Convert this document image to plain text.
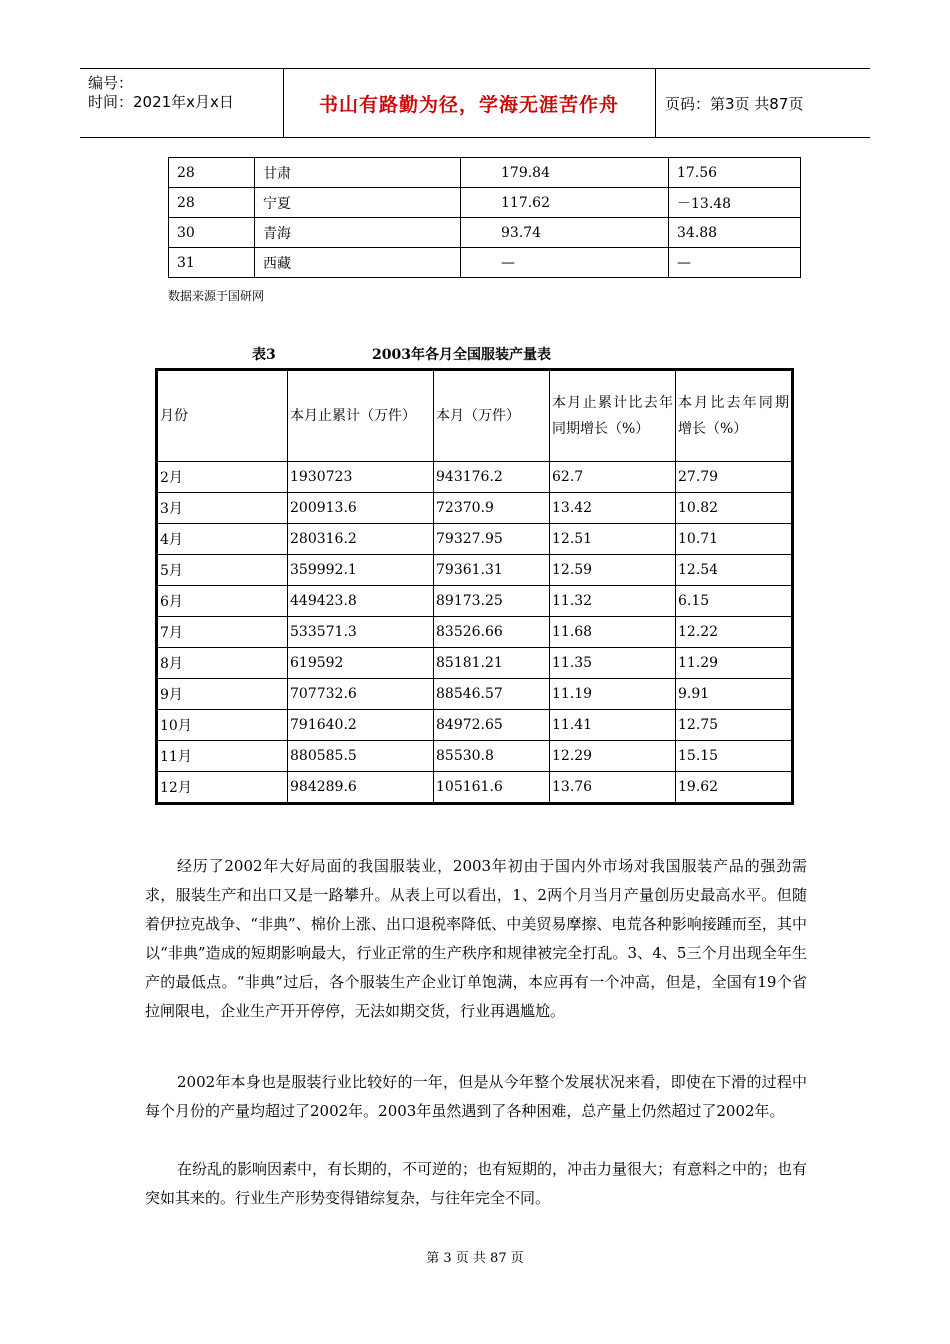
编号：
时间：2021年x月x日	书山有路勤为径，学海无涯苦作舟	页码：第3页 共87页
28	甘肃	179.84	17.56
28	宁夏	117.62	－13.48
30	青海	93.74	34.88
31	西藏	—	—
数据来源于国研网
表3	2003年各月全国服装产量表
月份	本月止累计（万件）	本月（万件）	本月止累计比去年同期增长（%）	本月比去年同期增长（%）
2月	1930723	943176.2	62.7	27.79
3月	200913.6	72370.9	13.42	10.82
4月	280316.2	79327.95	12.51	10.71
5月	359992.1	79361.31	12.59	12.54
6月	449423.8	89173.25	11.32	6.15
7月	533571.3	83526.66	11.68	12.22
8月	619592	85181.21	11.35	11.29
9月	707732.6	88546.57	11.19	9.91
10月	791640.2	84972.65	11.41	12.75
11月	880585.5	85530.8	12.29	15.15
12月	984289.6	105161.6	13.76	19.62

经历了2002年大好局面的我国服装业，2003年初由于国内外市场对我国服装产品的强劲需求，服装生产和出口又是一路攀升。从表上可以看出，1、2两个月当月产量创历史最高水平。但随着伊拉克战争、“非典”、棉价上涨、出口退税率降低、中美贸易摩擦、电荒各种影响接踵而至，其中以“非典”造成的短期影响最大，行业正常的生产秩序和规律被完全打乱。3、4、5三个月出现全年生产的最低点。“非典”过后，各个服装生产企业订单饱满，本应再有一个冲高，但是，全国有19个省拉闸限电，企业生产开开停停，无法如期交货，行业再遇尴尬。

2002年本身也是服装行业比较好的一年，但是从今年整个发展状况来看，即使在下滑的过程中每个月份的产量均超过了2002年。2003年虽然遇到了各种困难，总产量上仍然超过了2002年。

在纷乱的影响因素中，有长期的，不可逆的；也有短期的，冲击力量很大；有意料之中的；也有突如其来的。行业生产形势变得错综复杂，与往年完全不同。

第 3 页 共 87 页
